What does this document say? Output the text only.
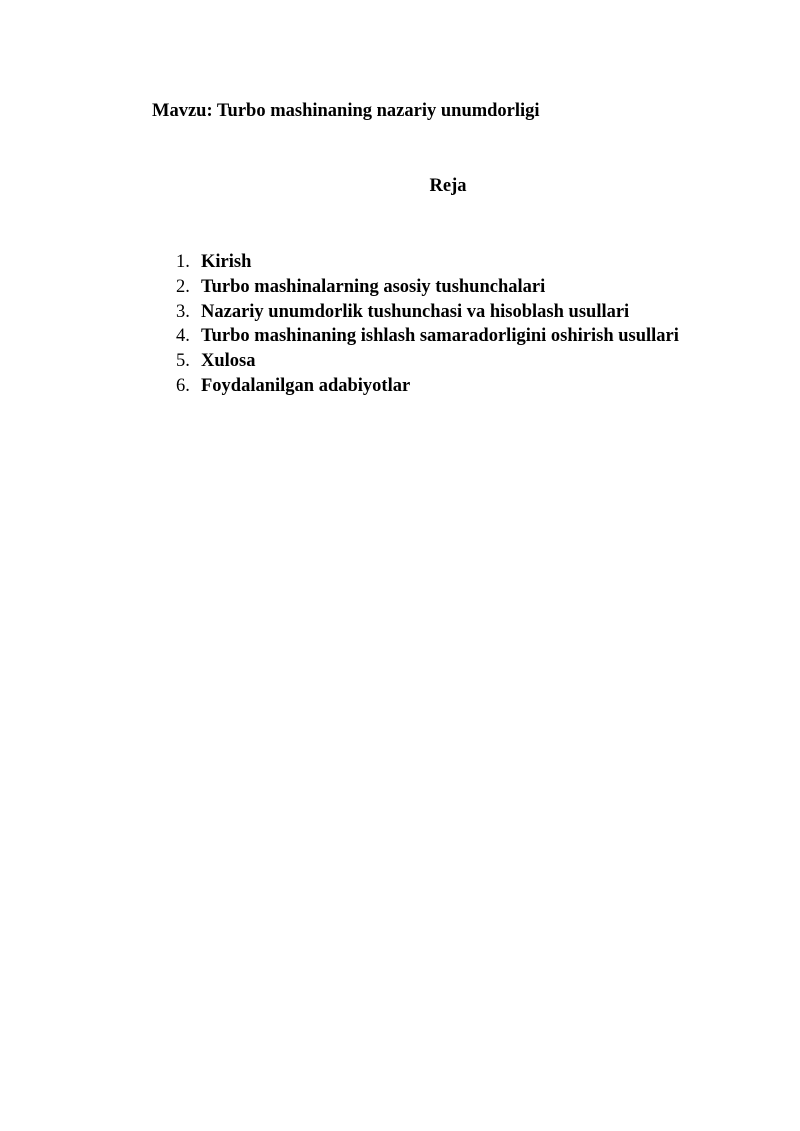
Mavzu: Turbo mashinaning nazariy unumdorligi
Reja
1. Kirish
2. Turbo mashinalarning asosiy tushunchalari
3. Nazariy unumdorlik tushunchasi va hisoblash usullari
4. Turbo mashinaning ishlash samaradorligini oshirish usullari
5. Xulosa
6. Foydalanilgan adabiyotlar
